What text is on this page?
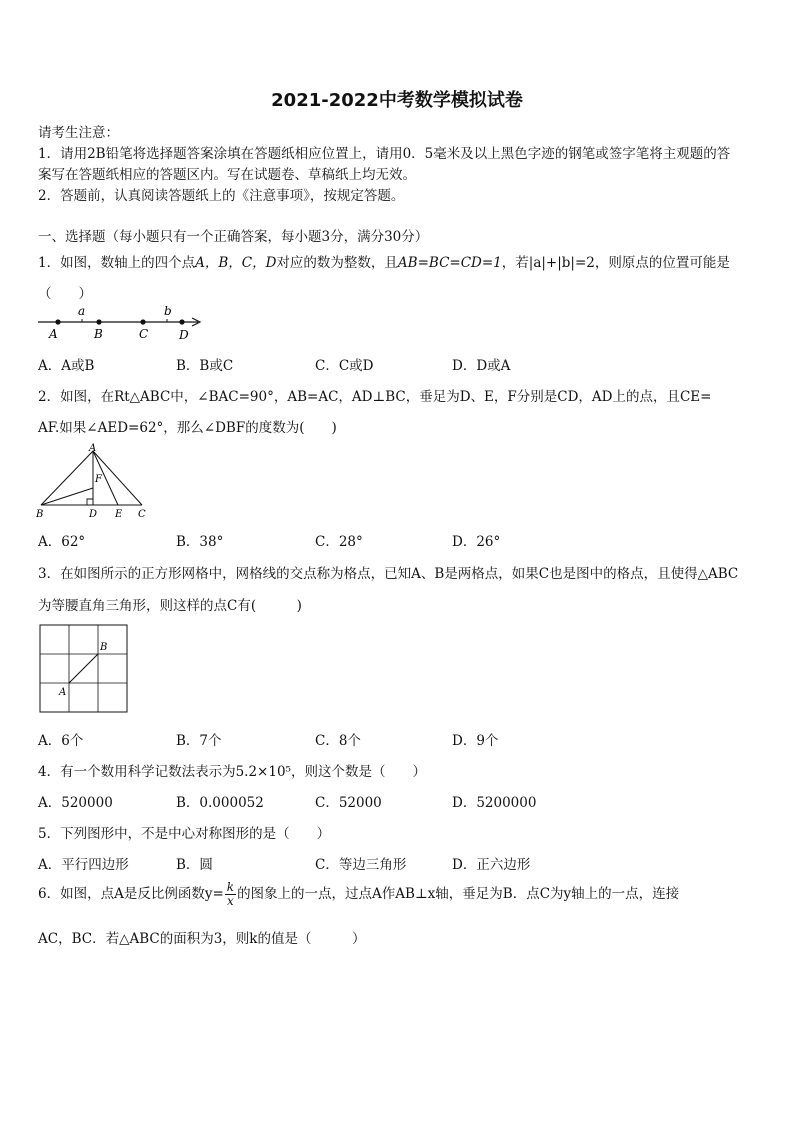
2021-2022中考数学模拟试卷
请考生注意：
1．请用2B铅笔将选择题答案涂填在答题纸相应位置上，请用0．5毫米及以上黑色字迹的钢笔或签字笔将主观题的答
案写在答题纸相应的答题区内。写在试题卷、草稿纸上均无效。
2．答题前，认真阅读答题纸上的《注意事项》，按规定答题。
一、选择题（每小题只有一个正确答案，每小题3分，满分30分）
1．如图，数轴上的四个点A，B，C，D对应的数为整数，且AB=BC=CD=1，若|a|+|b|=2，则原点的位置可能是
（　　）
a	b
A	B	C	D
A．A或B	B．B或C	C．C或D	D．D或A
2．如图，在Rt△ABC中，∠BAC=90°，AB=AC，AD⊥BC，垂足为D、E，F分别是CD，AD上的点，且CE=
AF.如果∠AED=62°，那么∠DBF的度数为(　　)
A
B	C
D E
F
A．62°	B．38°	C．28°	D．26°
3．在如图所示的正方形网格中，网格线的交点称为格点，已知A、B是两格点，如果C也是图中的格点，且使得△ABC
为等腰直角三角形，则这样的点C有(　　　)
A
B
A．6个	B．7个	C．8个	D．9个
4．有一个数用科学记数法表示为5.2×10⁵，则这个数是（　　）
A．520000	B．0.000052	C．52000	D．5200000
5．下列图形中，不是中心对称图形的是（　　）
A．平行四边形	B．圆	C．等边三角形	D．正六边形
6．如图，点A是反比例函数$y= \frac{k}{x}$ 的图象上的一点，过点A作AB⊥x轴，垂足为B．点C为y轴上的一点，连接
AC，BC．若△ABC的面积为3，则k的值是（　　　）
